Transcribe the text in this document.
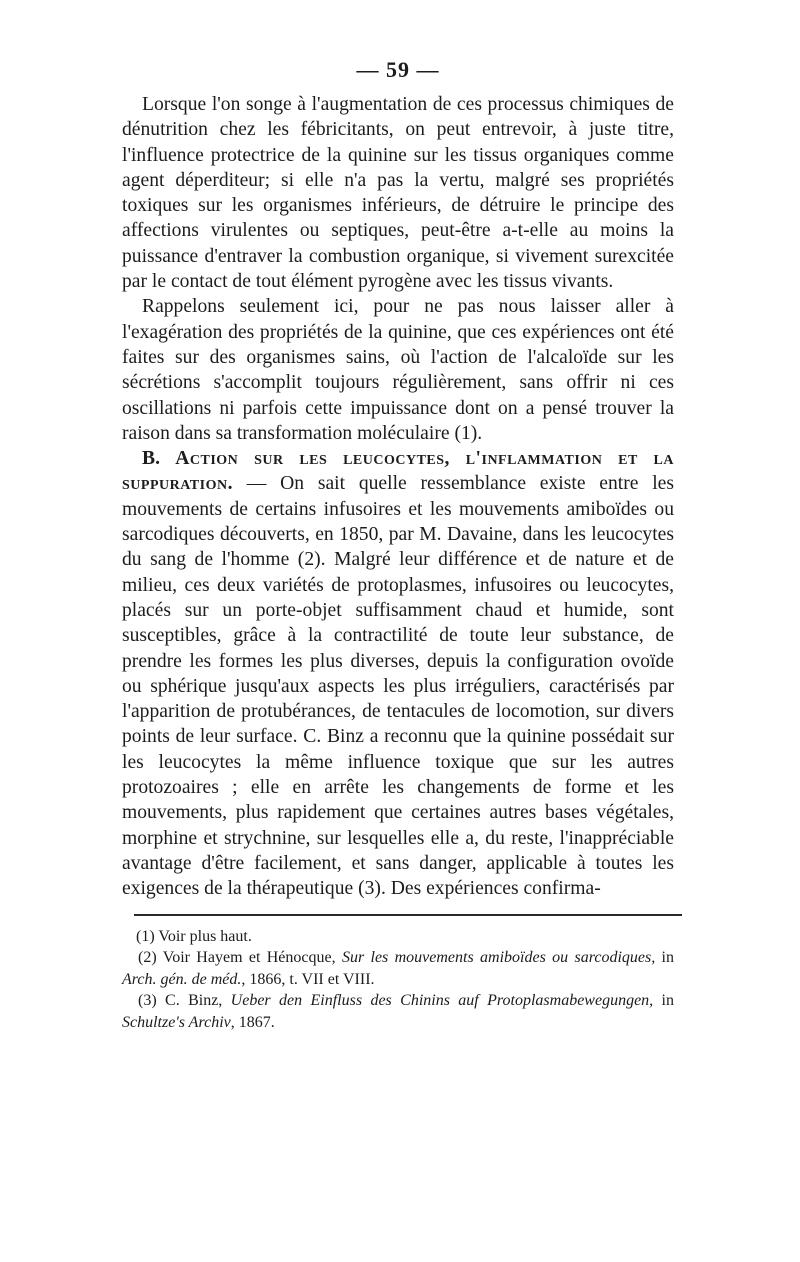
— 59 —

Lorsque l'on songe à l'augmentation de ces processus chimiques de dénutrition chez les fébricitants, on peut entrevoir, à juste titre, l'influence protectrice de la quinine sur les tissus organiques comme agent déperditeur; si elle n'a pas la vertu, malgré ses propriétés toxiques sur les organismes inférieurs, de détruire le principe des affections virulentes ou septiques, peut-être a-t-elle au moins la puissance d'entraver la combustion organique, si vivement surexcitée par le contact de tout élément pyrogène avec les tissus vivants.

Rappelons seulement ici, pour ne pas nous laisser aller à l'exagération des propriétés de la quinine, que ces expériences ont été faites sur des organismes sains, où l'action de l'alcaloïde sur les sécrétions s'accomplit toujours régulièrement, sans offrir ni ces oscillations ni parfois cette impuissance dont on a pensé trouver la raison dans sa transformation moléculaire (1).

B. Action sur les leucocytes, l'inflammation et la suppuration. — On sait quelle ressemblance existe entre les mouvements de certains infusoires et les mouvements amiboïdes ou sarcodiques découverts, en 1850, par M. Davaine, dans les leucocytes du sang de l'homme (2). Malgré leur différence et de nature et de milieu, ces deux variétés de protoplasmes, infusoires ou leucocytes, placés sur un porte-objet suffisamment chaud et humide, sont susceptibles, grâce à la contractilité de toute leur substance, de prendre les formes les plus diverses, depuis la configuration ovoïde ou sphérique jusqu'aux aspects les plus irréguliers, caractérisés par l'apparition de protubérances, de tentacules de locomotion, sur divers points de leur surface. C. Binz a reconnu que la quinine possédait sur les leucocytes la même influence toxique que sur les autres protozoaires ; elle en arrête les changements de forme et les mouvements, plus rapidement que certaines autres bases végétales, morphine et strychnine, sur lesquelles elle a, du reste, l'inappréciable avantage d'être facilement, et sans danger, applicable à toutes les exigences de la thérapeutique (3). Des expériences confirma-

(1) Voir plus haut.

(2) Voir Hayem et Hénocque, Sur les mouvements amiboïdes ou sarcodiques, in Arch. gén. de méd., 1866, t. VII et VIII.

(3) C. Binz, Ueber den Einfluss des Chinins auf Protoplasmabewegungen, in Schultze's Archiv, 1867.
